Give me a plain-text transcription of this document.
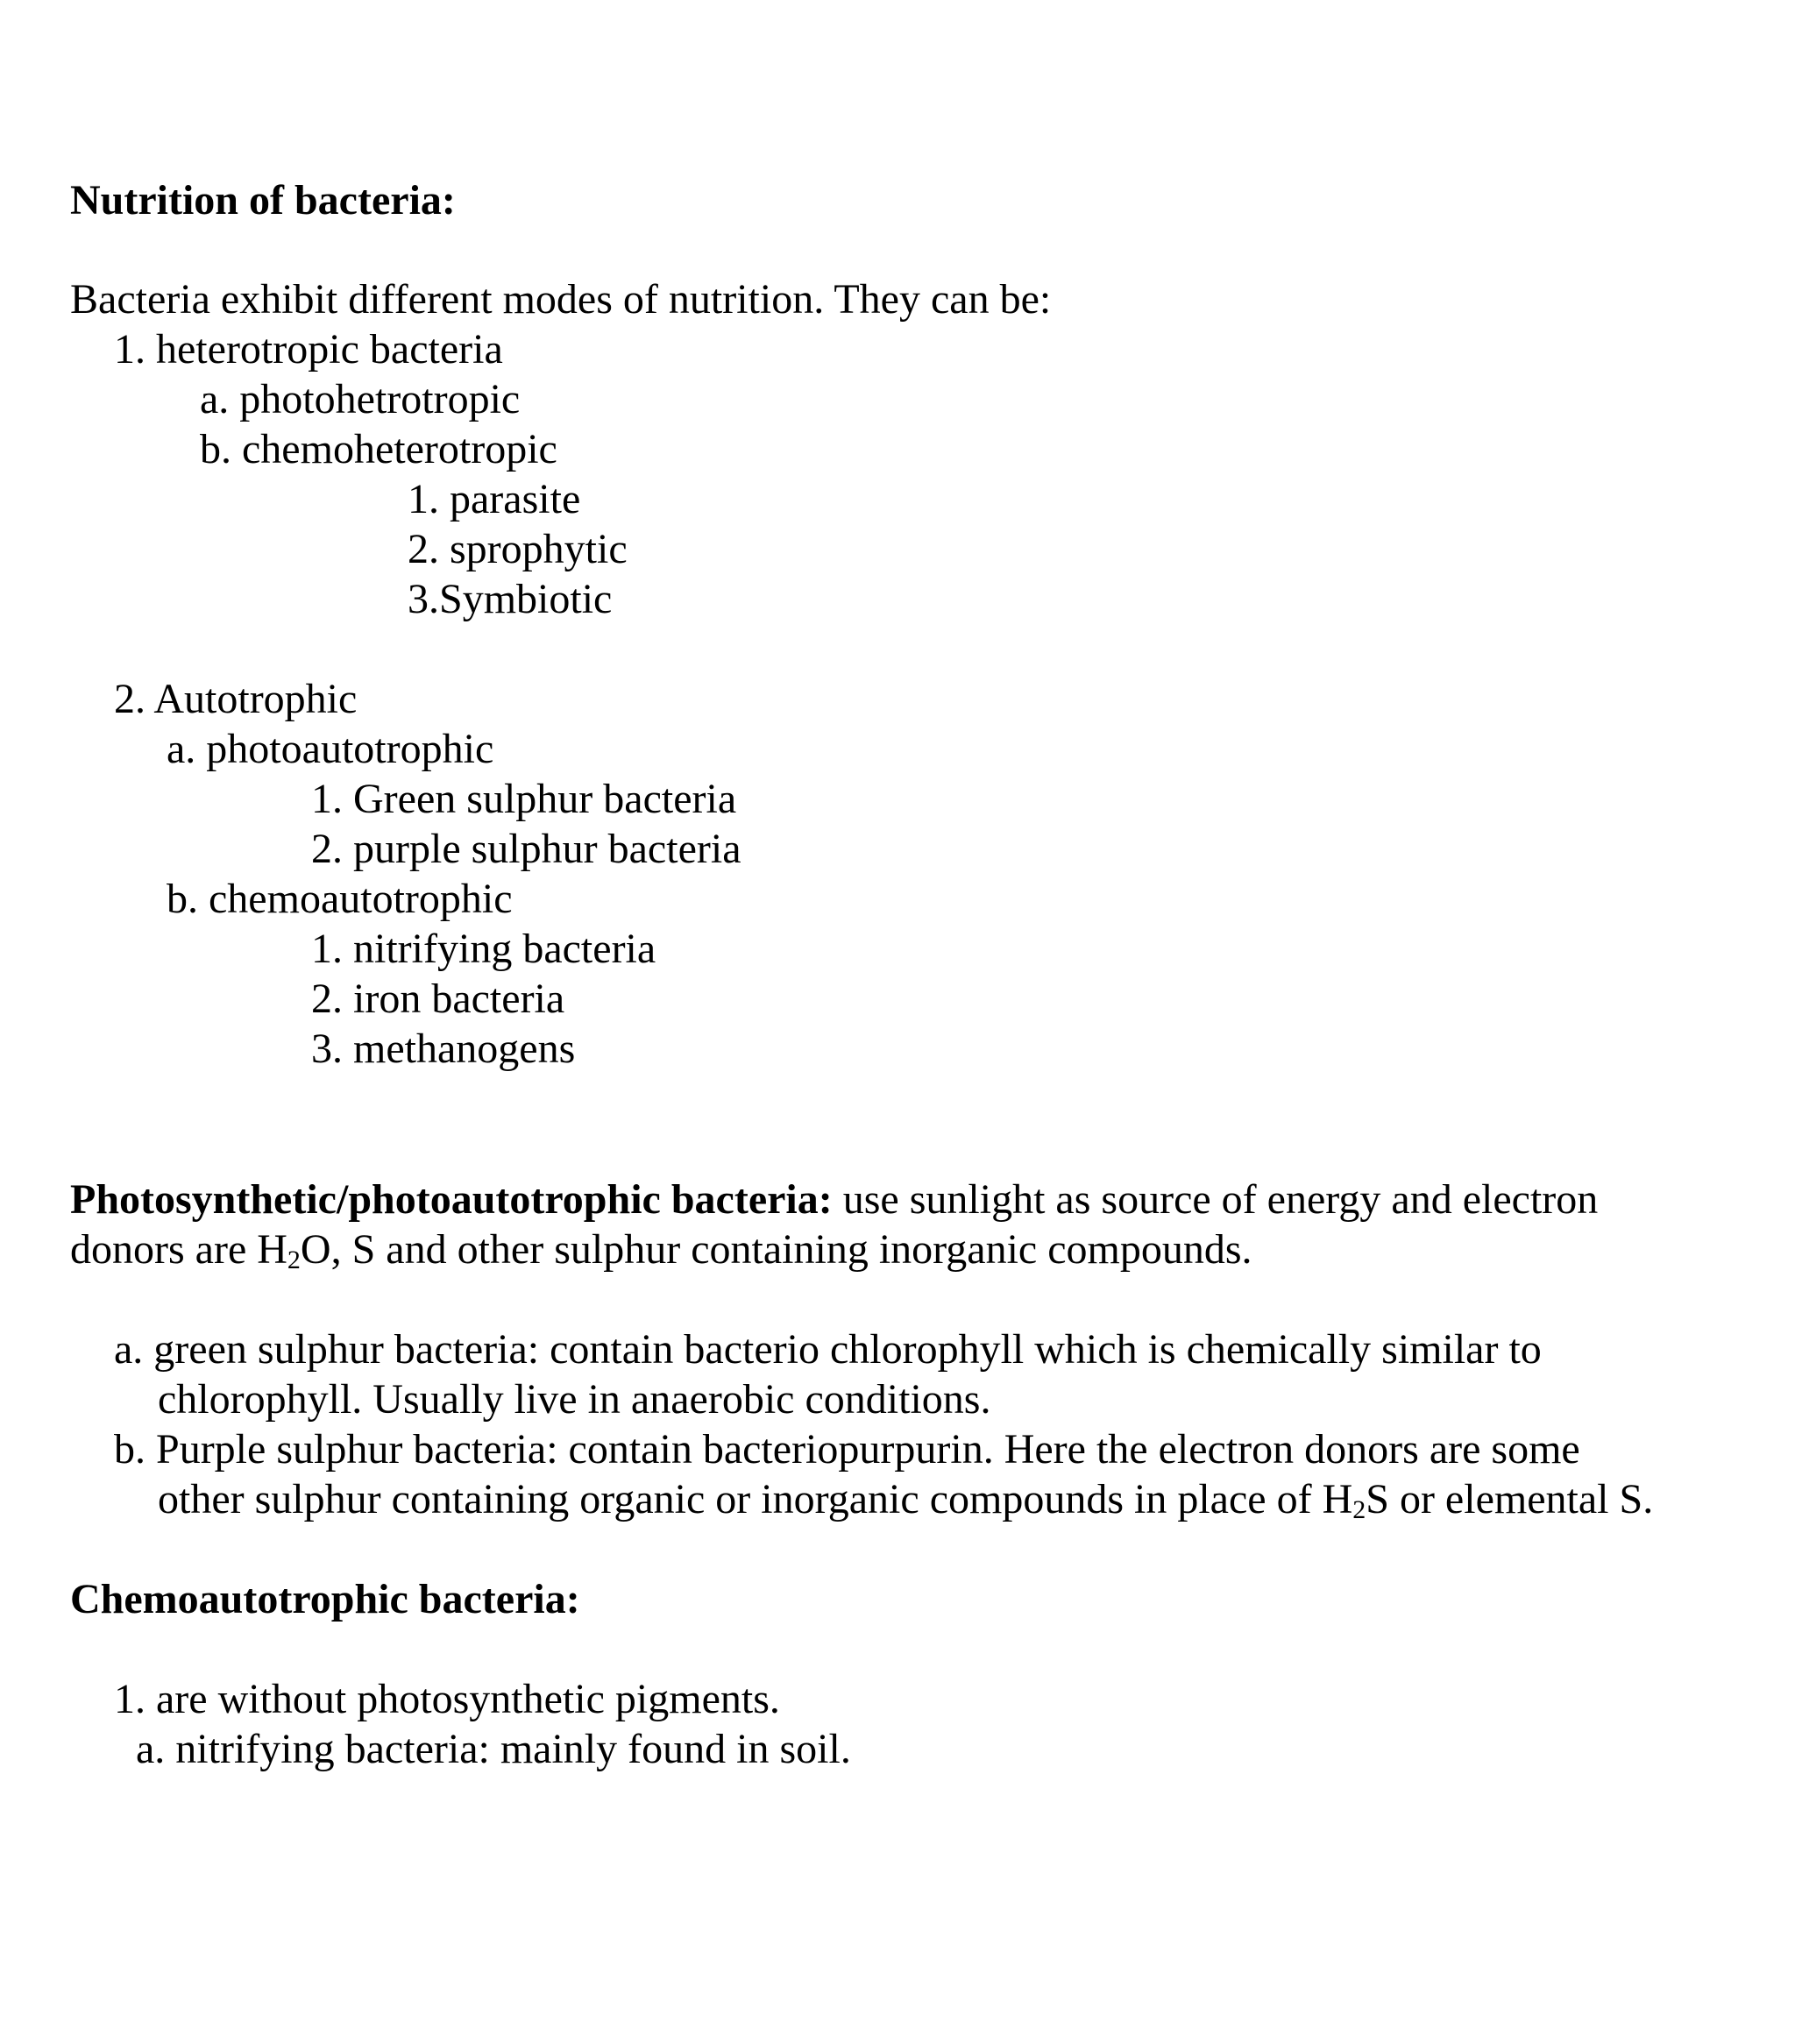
Nutrition of bacteria:
Bacteria exhibit different modes of nutrition. They can be:
1. heterotropic bacteria
a. photohetrotropic
b. chemoheterotropic
1. parasite
2. sprophytic
3.Symbiotic
2. Autotrophic
a. photoautotrophic
1. Green sulphur bacteria
2. purple sulphur bacteria
b. chemoautotrophic
1. nitrifying bacteria
2. iron bacteria
3. methanogens
Photosynthetic/photoautotrophic bacteria: use sunlight as source of energy and electron
donors are $H_2O$, S and other sulphur containing inorganic compounds.
a. green sulphur bacteria: contain bacterio chlorophyll which is chemically similar to
chlorophyll. Usually live in anaerobic conditions.
b. Purple sulphur bacteria: contain bacteriopurpurin. Here the electron donors are some
other sulphur containing organic or inorganic compounds in place of $H_2S$ or elemental S.
Chemoautotrophic bacteria:
1. are without photosynthetic pigments.
a. nitrifying bacteria: mainly found in soil.
